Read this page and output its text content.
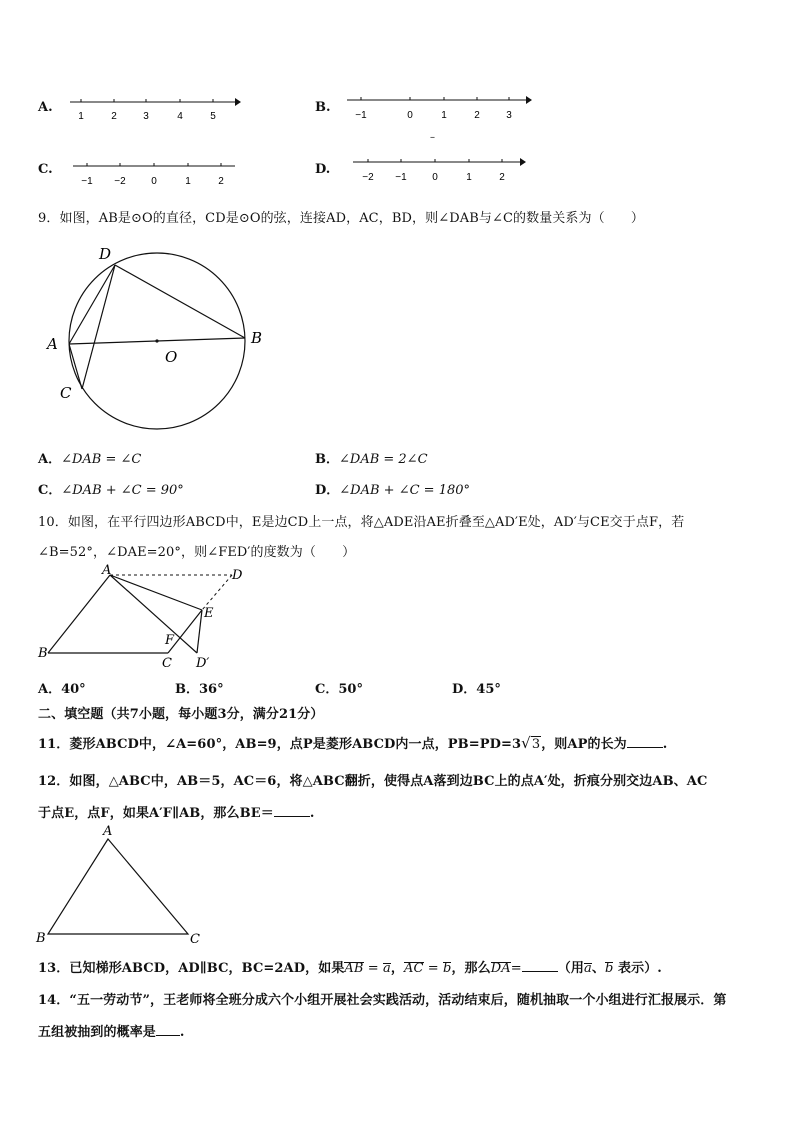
A.
1	2	3	4	5
B.
−1	0	1	2	3
–
C.
−1 −2	0	1	2
D.
−2 −1	0	1	2
9．如图，AB是⊙O的直径，CD是⊙O的弦，连接AD，AC，BD，则∠DAB与∠C的数量关系为（　　）
D
A
C
O
B
A．∠DAB = ∠C	B．∠DAB = 2∠C
C．∠DAB + ∠C = 90°	D．∠DAB + ∠C = 180°
10．如图，在平行四边形ABCD中，E是边CD上一点，将△ADE沿AE折叠至△AD′E处，AD′与CE交于点F，若
∠B=52°，∠DAE=20°，则∠FED′的度数为（　　）
A	D
E
F
B
C D′
A．40°	B．36°	C．50°	D．45°
二、填空题（共7小题，每小题3分，满分21分）
11．菱形ABCD中，∠A=60°，AB=9，点P是菱形ABCD内一点，PB=PD=3√3，则AP的长为	.
12．如图，△ABC中，AB＝5，AC＝6，将△ABC翻折，使得点A落到边BC上的点A′处，折痕分别交边AB、AC
于点E，点F，如果A′F∥AB，那么BE＝	.
A
B	C
13．已知梯形ABCD，AD∥BC，BC=2AD，如果
AB =
a，
AC =
b，那么
DA=	（用
a、
b 表示）.
14．“五一劳动节”，王老师将全班分成六个小组开展社会实践活动，活动结束后，随机抽取一个小组进行汇报展示．第
五组被抽到的概率是 .
